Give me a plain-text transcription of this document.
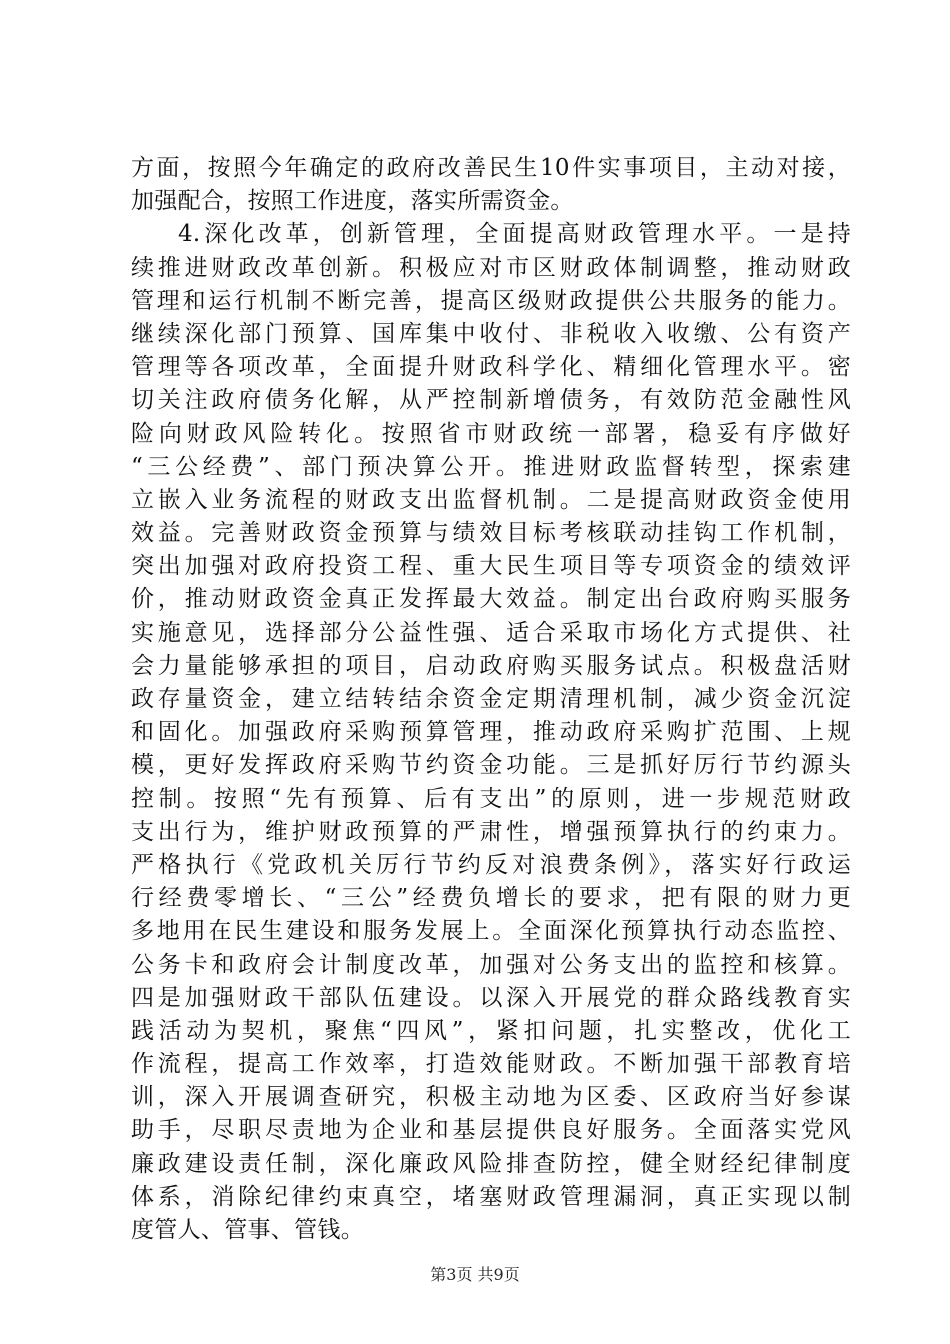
方面，按照今年确定的政府改善民生10件实事项目，主动对接，
加强配合，按照工作进度，落实所需资金。
4.深化改革，创新管理，全面提高财政管理水平。一是持
续推进财政改革创新。积极应对市区财政体制调整，推动财政
管理和运行机制不断完善，提高区级财政提供公共服务的能力。
继续深化部门预算、国库集中收付、非税收入收缴、公有资产
管理等各项改革，全面提升财政科学化、精细化管理水平。密
切关注政府债务化解，从严控制新增债务，有效防范金融性风
险向财政风险转化。按照省市财政统一部署，稳妥有序做好
“三公经费”、部门预决算公开。推进财政监督转型，探索建
立嵌入业务流程的财政支出监督机制。二是提高财政资金使用
效益。完善财政资金预算与绩效目标考核联动挂钩工作机制，
突出加强对政府投资工程、重大民生项目等专项资金的绩效评
价，推动财政资金真正发挥最大效益。制定出台政府购买服务
实施意见，选择部分公益性强、适合采取市场化方式提供、社
会力量能够承担的项目，启动政府购买服务试点。积极盘活财
政存量资金，建立结转结余资金定期清理机制，减少资金沉淀
和固化。加强政府采购预算管理，推动政府采购扩范围、上规
模，更好发挥政府采购节约资金功能。三是抓好厉行节约源头
控制。按照“先有预算、后有支出”的原则，进一步规范财政
支出行为，维护财政预算的严肃性，增强预算执行的约束力。
严格执行《党政机关厉行节约反对浪费条例》，落实好行政运
行经费零增长、“三公”经费负增长的要求，把有限的财力更
多地用在民生建设和服务发展上。全面深化预算执行动态监控、
公务卡和政府会计制度改革，加强对公务支出的监控和核算。
四是加强财政干部队伍建设。以深入开展党的群众路线教育实
践活动为契机，聚焦“四风”，紧扣问题，扎实整改，优化工
作流程，提高工作效率，打造效能财政。不断加强干部教育培
训，深入开展调查研究，积极主动地为区委、区政府当好参谋
助手，尽职尽责地为企业和基层提供良好服务。全面落实党风
廉政建设责任制，深化廉政风险排查防控，健全财经纪律制度
体系，消除纪律约束真空，堵塞财政管理漏洞，真正实现以制
度管人、管事、管钱。
第3页 共9页
